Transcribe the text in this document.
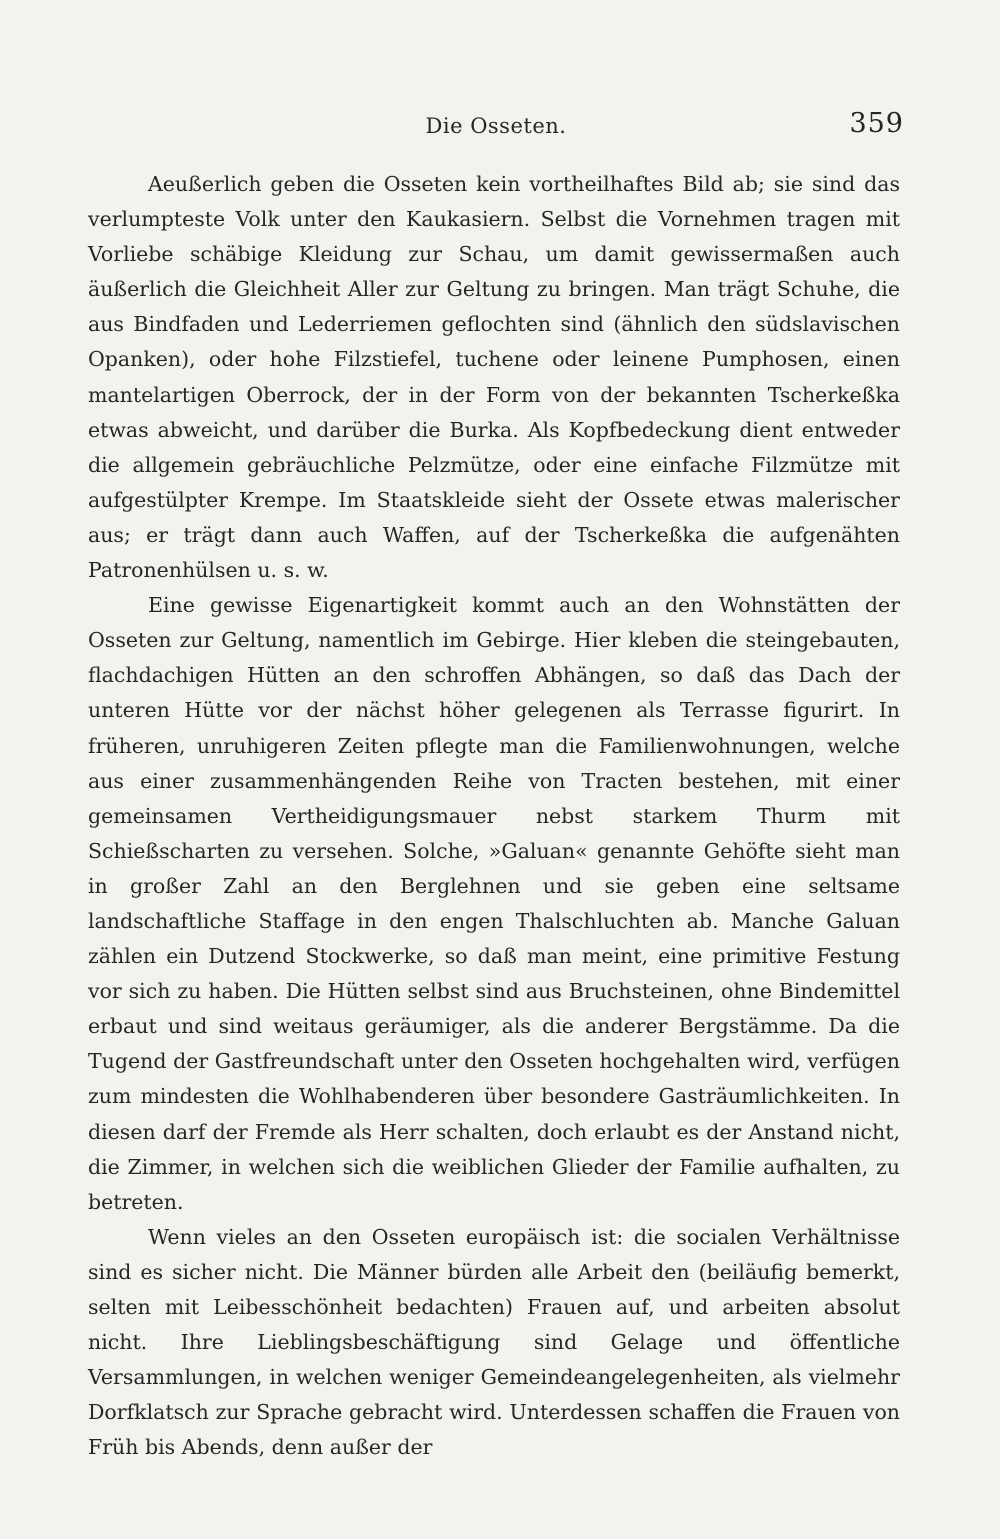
Die Osseten.	359

Aeußerlich geben die Osseten kein vortheilhaftes Bild ab; sie sind das verlumpteste Volk unter den Kaukasiern. Selbst die Vornehmen tragen mit Vorliebe schäbige Kleidung zur Schau, um damit gewissermaßen auch äußerlich die Gleichheit Aller zur Geltung zu bringen. Man trägt Schuhe, die aus Bindfaden und Lederriemen geflochten sind (ähnlich den südslavischen Opanken), oder hohe Filzstiefel, tuchene oder leinene Pumphosen, einen mantelartigen Oberrock, der in der Form von der bekannten Tscherkeßka etwas abweicht, und darüber die Burka. Als Kopfbedeckung dient entweder die allgemein gebräuchliche Pelzmütze, oder eine einfache Filzmütze mit aufgestülpter Krempe. Im Staatskleide sieht der Ossete etwas malerischer aus; er trägt dann auch Waffen, auf der Tscherkeßka die aufgenähten Patronenhülsen u. s. w.

Eine gewisse Eigenartigkeit kommt auch an den Wohnstätten der Osseten zur Geltung, namentlich im Gebirge. Hier kleben die steingebauten, flachdachigen Hütten an den schroffen Abhängen, so daß das Dach der unteren Hütte vor der nächst höher gelegenen als Terrasse figurirt. In früheren, unruhigeren Zeiten pflegte man die Familienwohnungen, welche aus einer zusammenhängenden Reihe von Tracten bestehen, mit einer gemeinsamen Vertheidigungsmauer nebst starkem Thurm mit Schießscharten zu versehen. Solche, »Galuan« genannte Gehöfte sieht man in großer Zahl an den Berglehnen und sie geben eine seltsame landschaftliche Staffage in den engen Thalschluchten ab. Manche Galuan zählen ein Dutzend Stockwerke, so daß man meint, eine primitive Festung vor sich zu haben. Die Hütten selbst sind aus Bruchsteinen, ohne Bindemittel erbaut und sind weitaus geräumiger, als die anderer Bergstämme. Da die Tugend der Gastfreundschaft unter den Osseten hochgehalten wird, verfügen zum mindesten die Wohlhabenderen über besondere Gasträumlichkeiten. In diesen darf der Fremde als Herr schalten, doch erlaubt es der Anstand nicht, die Zimmer, in welchen sich die weiblichen Glieder der Familie aufhalten, zu betreten.

Wenn vieles an den Osseten europäisch ist: die socialen Verhältnisse sind es sicher nicht. Die Männer bürden alle Arbeit den (beiläufig bemerkt, selten mit Leibesschönheit bedachten) Frauen auf, und arbeiten absolut nicht. Ihre Lieblingsbeschäftigung sind Gelage und öffentliche Versammlungen, in welchen weniger Gemeindeangelegenheiten, als vielmehr Dorfklatsch zur Sprache gebracht wird. Unterdessen schaffen die Frauen von Früh bis Abends, denn außer der
